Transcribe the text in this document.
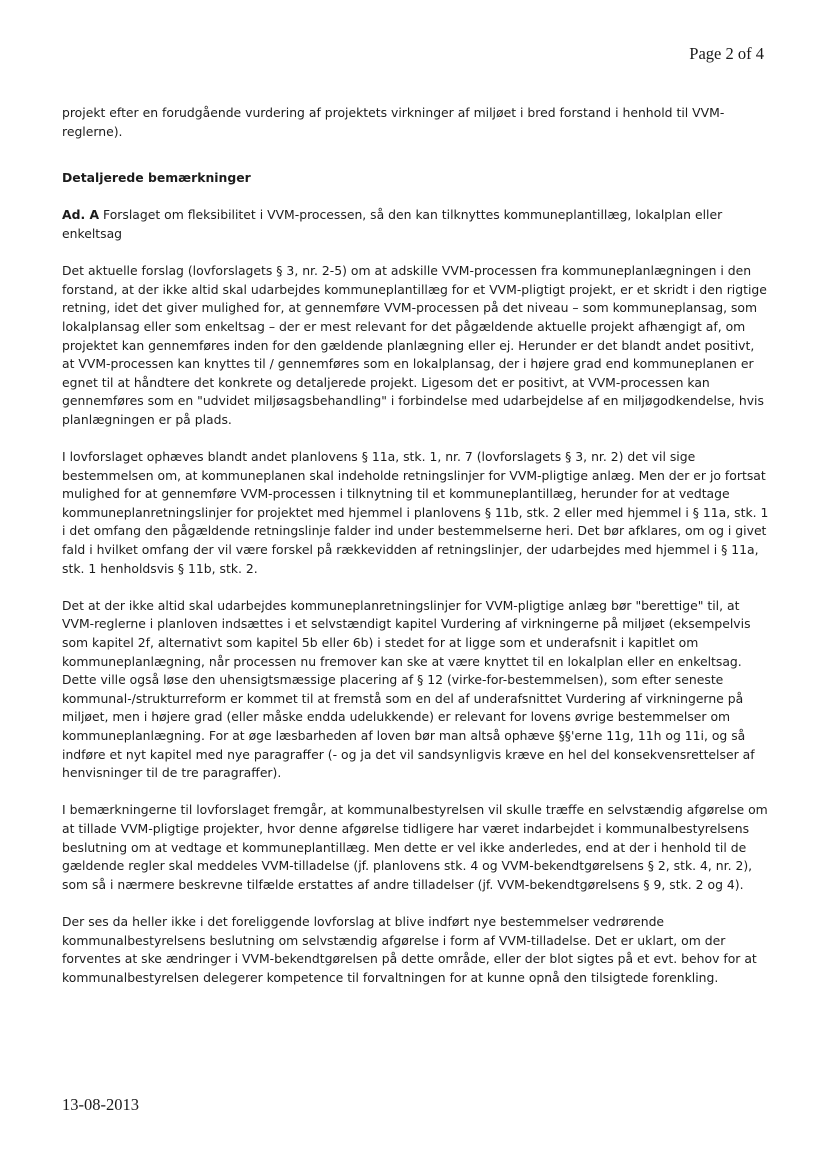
Page 2 of 4

projekt efter en forudgående vurdering af projektets virkninger af miljøet i bred forstand i henhold til VVM-reglerne).

Detaljerede bemærkninger

Ad. A Forslaget om fleksibilitet i VVM-processen, så den kan tilknyttes kommuneplantillæg, lokalplan eller enkeltsag

Det aktuelle forslag (lovforslagets § 3, nr. 2-5) om at adskille VVM-processen fra kommuneplanlægningen i den forstand, at der ikke altid skal udarbejdes kommuneplantillæg for et VVM-pligtigt projekt, er et skridt i den rigtige retning, idet det giver mulighed for, at gennemføre VVM-processen på det niveau – som kommuneplansag, som lokalplansag eller som enkeltsag – der er mest relevant for det pågældende aktuelle projekt afhængigt af, om projektet kan gennemføres inden for den gældende planlægning eller ej. Herunder er det blandt andet positivt, at VVM-processen kan knyttes til / gennemføres som en lokalplansag, der i højere grad end kommuneplanen er egnet til at håndtere det konkrete og detaljerede projekt. Ligesom det er positivt, at VVM-processen kan gennemføres som en "udvidet miljøsagsbehandling" i forbindelse med udarbejdelse af en miljøgodkendelse, hvis planlægningen er på plads.

I lovforslaget ophæves blandt andet planlovens § 11a, stk. 1, nr. 7 (lovforslagets § 3, nr. 2) det vil sige bestemmelsen om, at kommuneplanen skal indeholde retningslinjer for VVM-pligtige anlæg. Men der er jo fortsat mulighed for at gennemføre VVM-processen i tilknytning til et kommuneplantillæg, herunder for at vedtage kommuneplanretningslinjer for projektet med hjemmel i planlovens § 11b, stk. 2 eller med hjemmel i § 11a, stk. 1 i det omfang den pågældende retningslinje falder ind under bestemmelserne heri. Det bør afklares, om og i givet fald i hvilket omfang der vil være forskel på rækkevidden af retningslinjer, der udarbejdes med hjemmel i § 11a, stk. 1 henholdsvis § 11b, stk. 2.

Det at der ikke altid skal udarbejdes kommuneplanretningslinjer for VVM-pligtige anlæg bør "berettige" til, at VVM-reglerne i planloven indsættes i et selvstændigt kapitel Vurdering af virkningerne på miljøet (eksempelvis som kapitel 2f, alternativt som kapitel 5b eller 6b) i stedet for at ligge som et underafsnit i kapitlet om kommuneplanlægning, når processen nu fremover kan ske at være knyttet til en lokalplan eller en enkeltsag. Dette ville også løse den uhensigtsmæssige placering af § 12 (virke-for-bestemmelsen), som efter seneste kommunal-/strukturreform er kommet til at fremstå som en del af underafsnittet Vurdering af virkningerne på miljøet, men i højere grad (eller måske endda udelukkende) er relevant for lovens øvrige bestemmelser om kommuneplanlægning. For at øge læsbarheden af loven bør man altså ophæve §§'erne 11g, 11h og 11i, og så indføre et nyt kapitel med nye paragraffer (- og ja det vil sandsynligvis kræve en hel del konsekvensrettelser af henvisninger til de tre paragraffer).

I bemærkningerne til lovforslaget fremgår, at kommunalbestyrelsen vil skulle træffe en selvstændig afgørelse om at tillade VVM-pligtige projekter, hvor denne afgørelse tidligere har været indarbejdet i kommunalbestyrelsens beslutning om at vedtage et kommuneplantillæg. Men dette er vel ikke anderledes, end at der i henhold til de gældende regler skal meddeles VVM-tilladelse (jf. planlovens stk. 4 og VVM-bekendtgørelsens § 2, stk. 4, nr. 2), som så i nærmere beskrevne tilfælde erstattes af andre tilladelser (jf. VVM-bekendtgørelsens § 9, stk. 2 og 4).

Der ses da heller ikke i det foreliggende lovforslag at blive indført nye bestemmelser vedrørende kommunalbestyrelsens beslutning om selvstændig afgørelse i form af VVM-tilladelse. Det er uklart, om der forventes at ske ændringer i VVM-bekendtgørelsen på dette område, eller der blot sigtes på et evt. behov for at kommunalbestyrelsen delegerer kompetence til forvaltningen for at kunne opnå den tilsigtede forenkling.

13-08-2013
